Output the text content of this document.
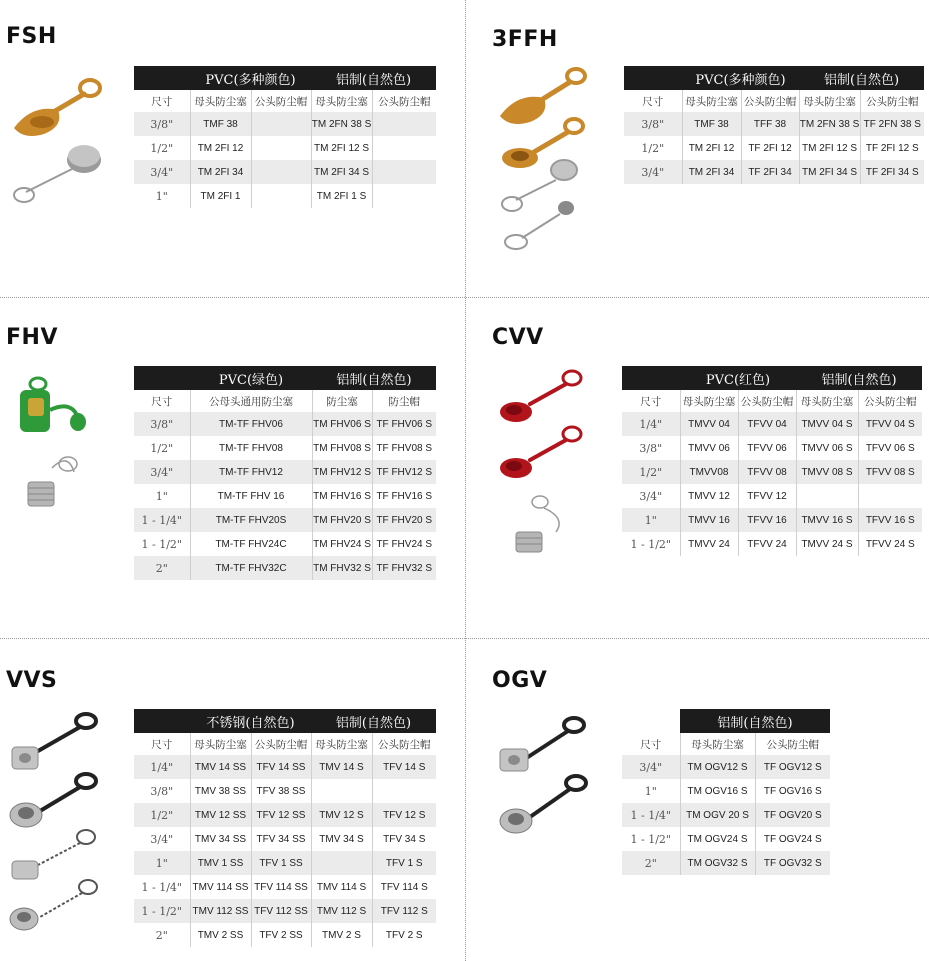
FSH
	PVC(多种颜色)		铝制(自然色)	
尺寸	母头防尘塞	公头防尘帽	母头防尘塞	公头防尘帽
3/8"	TMF 38		TM 2FN 38 S	
1/2"	TM 2FI 12		TM 2FI 12 S	
3/4"	TM 2FI 34		TM 2FI 34 S	
1"	TM 2FI 1		TM 2FI 1 S	
3FFH
	PVC(多种颜色)		铝制(自然色)	
尺寸	母头防尘塞	公头防尘帽	母头防尘塞	公头防尘帽
3/8"	TMF 38	TFF 38	TM 2FN 38 S	TF 2FN 38 S
1/2"	TM 2FI 12	TF 2FI 12	TM 2FI 12 S	TF 2FI 12 S
3/4"	TM 2FI 34	TF 2FI 34	TM 2FI 34 S	TF 2FI 34 S
FHV
	PVC(绿色)	铝制(自然色)	
尺寸	公母头通用防尘塞	防尘塞	防尘帽
3/8"	TM-TF FHV06	TM FHV06 S	TF FHV06 S
1/2"	TM-TF FHV08	TM FHV08 S	TF FHV08 S
3/4"	TM-TF FHV12	TM FHV12 S	TF FHV12 S
1"	TM-TF FHV 16	TM FHV16 S	TF FHV16 S
1 - 1/4"	TM-TF FHV20S	TM FHV20 S	TF FHV20 S
1 - 1/2"	TM-TF FHV24C	TM FHV24 S	TF FHV24 S
2"	TM-TF FHV32C	TM FHV32 S	TF FHV32 S
CVV
	PVC(红色)		铝制(自然色)	
尺寸	母头防尘塞	公头防尘帽	母头防尘塞	公头防尘帽
1/4"	TMVV 04	TFVV 04	TMVV 04 S	TFVV 04 S
3/8"	TMVV 06	TFVV 06	TMVV 06 S	TFVV 06 S
1/2"	TMVV08	TFVV 08	TMVV 08 S	TFVV 08 S
3/4"	TMVV 12	TFVV 12		
1"	TMVV 16	TFVV 16	TMVV 16 S	TFVV 16 S
1 - 1/2"	TMVV 24	TFVV 24	TMVV 24 S	TFVV 24 S
VVS
	不锈钢(自然色)		铝制(自然色)	
尺寸	母头防尘塞	公头防尘帽	母头防尘塞	公头防尘帽
1/4"	TMV 14 SS	TFV 14 SS	TMV 14 S	TFV 14 S
3/8"	TMV 38 SS	TFV 38 SS		
1/2"	TMV 12 SS	TFV 12 SS	TMV 12 S	TFV 12 S
3/4"	TMV 34 SS	TFV 34 SS	TMV 34 S	TFV 34 S
1"	TMV 1 SS	TFV 1 SS		TFV 1 S
1 - 1/4"	TMV 114 SS	TFV 114 SS	TMV 114 S	TFV 114 S
1 - 1/2"	TMV 112 SS	TFV 112 SS	TMV 112 S	TFV 112 S
2"	TMV 2 SS	TFV 2 SS	TMV 2 S	TFV 2 S
OGV
	铝制(自然色)	
尺寸	母头防尘塞	公头防尘帽
3/4"	TM OGV12 S	TF OGV12 S
1"	TM OGV16 S	TF OGV16 S
1 - 1/4"	TM OGV 20 S	TF OGV20 S
1 - 1/2"	TM OGV24 S	TF OGV24 S
2"	TM OGV32 S	TF OGV32 S
